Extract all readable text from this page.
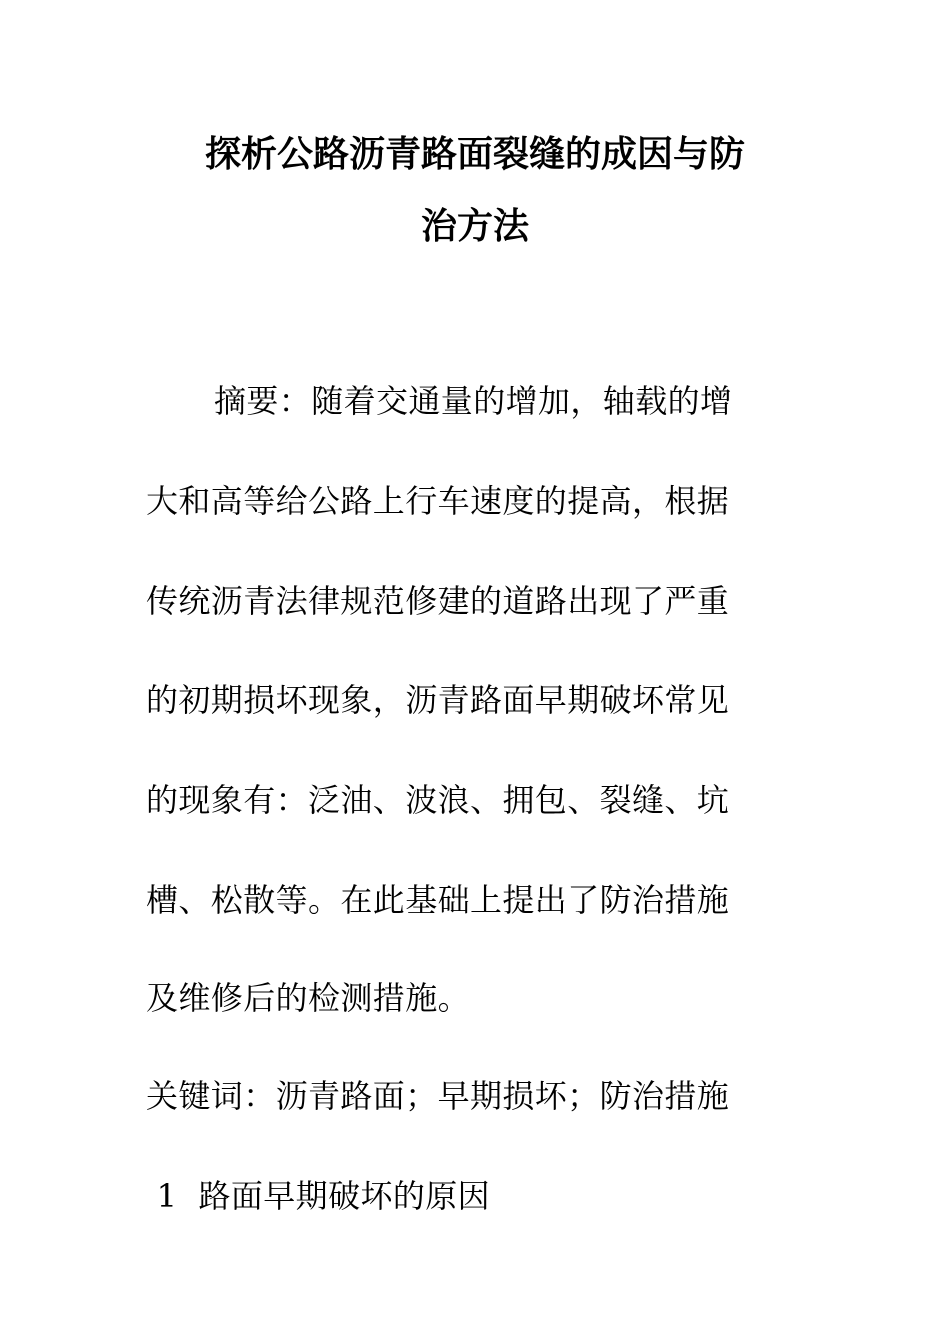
探析公路沥青路面裂缝的成因与防
治方法
摘要：随着交通量的增加，轴载的增
大和高等给公路上行车速度的提高，根据
传统沥青法律规范修建的道路出现了严重
的初期损坏现象，沥青路面早期破坏常见
的现象有：泛油、波浪、拥包、裂缝、坑
槽、松散等。在此基础上提出了防治措施
及维修后的检测措施。
关键词：沥青路面；早期损坏；防治措施
1  路面早期破坏的原因
